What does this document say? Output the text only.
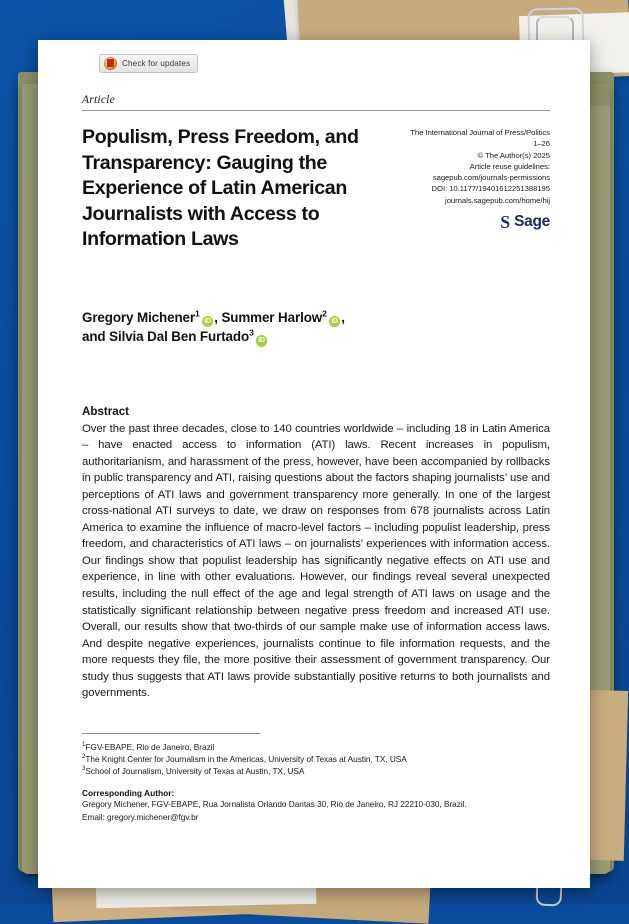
Check for updates
Article
Populism, Press Freedom, and Transparency: Gauging the Experience of Latin American Journalists with Access to Information Laws
The International Journal of Press/Politics
1–26
© The Author(s) 2025
Article reuse guidelines:
sagepub.com/journals-permissions
DOI: 10.1177/19401612251388195
journals.sagepub.com/home/hij
S Sage
Gregory Michener$^1$iD , Summer Harlow$^2$iD ,
and Silvia Dal Ben Furtado$^3$iD
Abstract
Over the past three decades, close to 140 countries worldwide – including 18 in Latin America – have enacted access to information (ATI) laws. Recent increases in populism, authoritarianism, and harassment of the press, however, have been accompanied by rollbacks in public transparency and ATI, raising questions about the factors shaping journalists’ use and perceptions of ATI laws and government transparency more generally. In one of the largest cross-national ATI surveys to date, we draw on responses from 678 journalists across Latin America to examine the influence of macro-level factors – including populist leadership, press freedom, and characteristics of ATI laws – on journalists’ experiences with information access. Our findings show that populist leadership has significantly negative effects on ATI use and experience, in line with other evaluations. However, our findings reveal several unexpected results, including the null effect of the age and legal strength of ATI laws on usage and the statistically significant relationship between negative press freedom and increased ATI use. Overall, our results show that two-thirds of our sample make use of information access laws. And despite negative experiences, journalists continue to file information requests, and the more requests they file, the more positive their assessment of government transparency. Our study thus suggests that ATI laws provide substantially positive returns to both journalists and governments.
$^1$FGV-EBAPE, Rio de Janeiro, Brazil
$^2$The Knight Center for Journalism in the Americas, University of Texas at Austin, TX, USA
$^3$School of Journalism, University of Texas at Austin, TX, USA
Corresponding Author:
Gregory Michener, FGV-EBAPE, Rua Jornalista Orlando Dantas 30, Rio de Janeiro, RJ 22210-030, Brazil.
Email: gregory.michener@fgv.br
